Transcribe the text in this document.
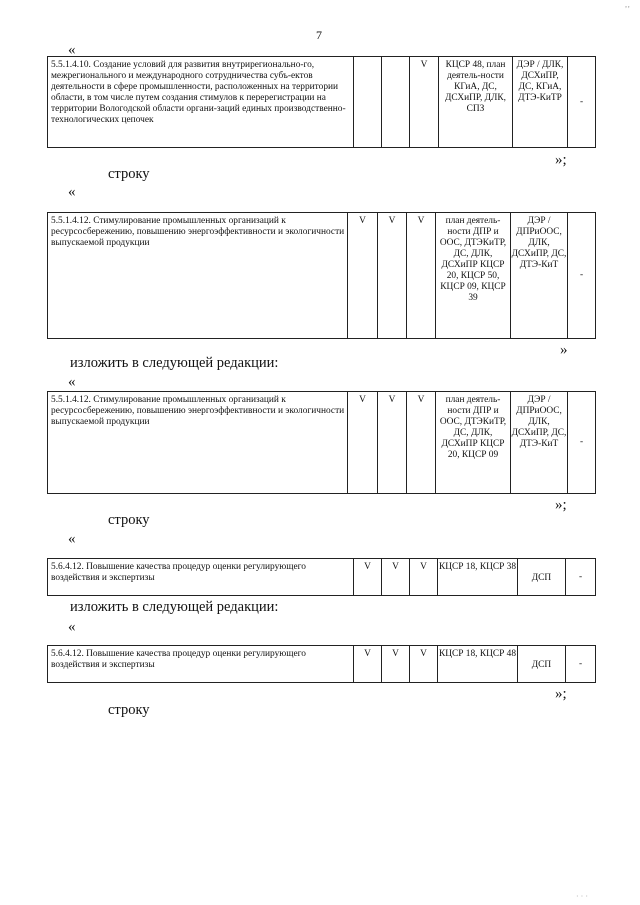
‚‚
7
«
5.5.1.4.10. Создание условий для развития внутрирегионально-го, межрегионального и международного сотрудничества субъ-ектов деятельности в сфере промышленности, расположенных на территории области, в том числе путем создания стимулов к перерегистрации на территории Вологодской области органи-заций единых производственно-технологических цепочек			V	КЦСР 48, план деятель-ности КГиА, ДС, ДСХиПР, ДЛК, СПЗ	ДЭР / ДЛК, ДСХиПР, ДС, КГиА, ДТЭ-КиТР	-
»;
строку
«
5.5.1.4.12. Стимулирование промышленных организаций к ресурсосбережению, повышению энергоэффективности и экологичности выпускаемой продукции	V	V	V	план деятель-ности ДПР и ООС, ДТЭКиТР, ДС, ДЛК, ДСХиПР КЦСР 20, КЦСР 50, КЦСР 09, КЦСР 39	ДЭР / ДПРиООС, ДЛК, ДСХиПР, ДС, ДТЭ-КиТ	-
»
изложить в следующей редакции:
«
5.5.1.4.12. Стимулирование промышленных организаций к ресурсосбережению, повышению энергоэффективности и экологичности выпускаемой продукции	V	V	V	план деятель-ности ДПР и ООС, ДТЭКиТР, ДС, ДЛК, ДСХиПР КЦСР 20, КЦСР 09	ДЭР / ДПРиООС, ДЛК, ДСХиПР, ДС, ДТЭ-КиТ	-
»;
строку
«
5.6.4.12. Повышение качества процедур оценки регулирующего воздействия и экспертизы	V	V	V	КЦСР 18, КЦСР 38	ДСП	-
изложить в следующей редакции:
«
5.6.4.12. Повышение качества процедур оценки регулирующего воздействия и экспертизы	V	V	V	КЦСР 18, КЦСР 48	ДСП	-
»;
строку
· · ·
